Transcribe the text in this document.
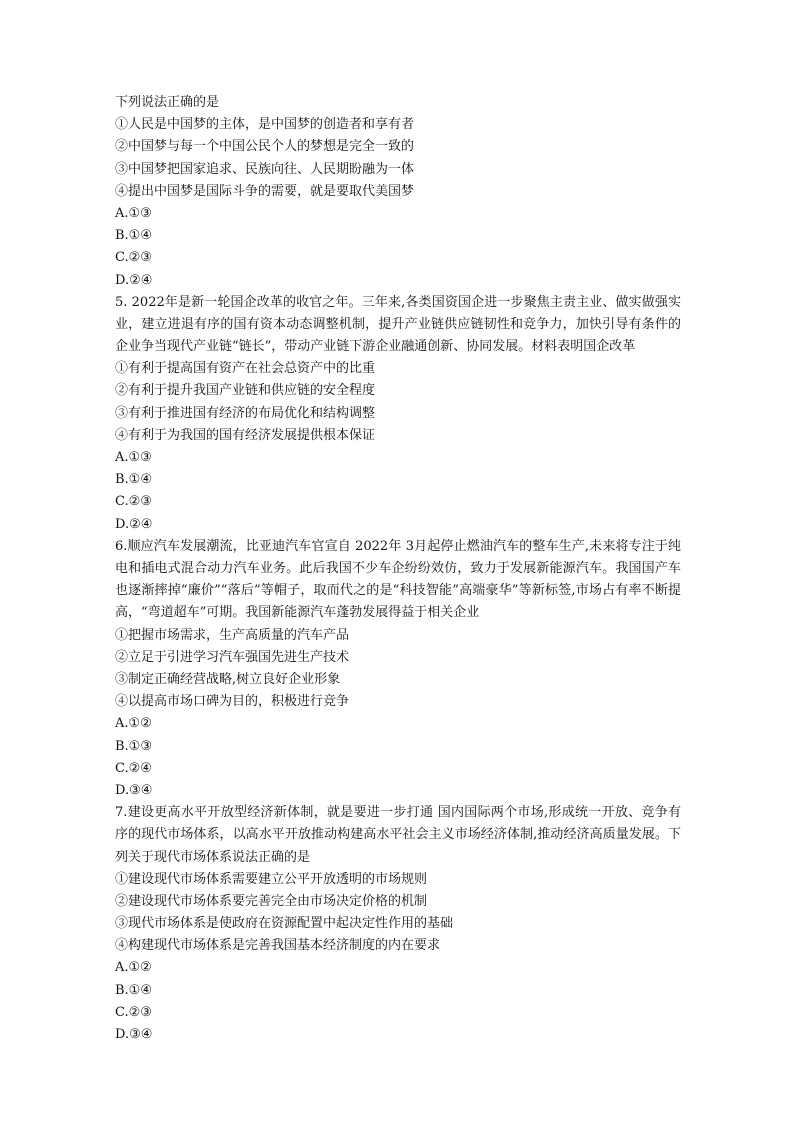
下列说法正确的是
①人民是中国梦的主体，是中国梦的创造者和享有者
②中国梦与每一个中国公民个人的梦想是完全一致的
③中国梦把国家追求、民族向往、人民期盼融为一体
④提出中国梦是国际斗争的需要，就是要取代美国梦
A.①③
B.①④
C.②③
D.②④
5. 2022年是新一轮国企改革的收官之年。三年来,各类国资国企进一步聚焦主责主业、做实做强实业，建立进退有序的国有资本动态调整机制，提升产业链供应链韧性和竞争力，加快引导有条件的企业争当现代产业链“链长”，带动产业链下游企业融通创新、协同发展。材料表明国企改革
①有利于提高国有资产在社会总资产中的比重
②有利于提升我国产业链和供应链的安全程度
③有利于推进国有经济的布局优化和结构调整
④有利于为我国的国有经济发展提供根本保证
A.①③
B.①④
C.②③
D.②④
6.顺应汽车发展潮流，比亚迪汽车官宣自 2022年 3月起停止燃油汽车的整车生产,未来将专注于纯电和插电式混合动力汽车业务。此后我国不少车企纷纷效仿，致力于发展新能源汽车。我国国产车也逐渐摔掉“廉价”“落后”等帽子，取而代之的是“科技智能”高端豪华”等新标签,市场占有率不断提高，“弯道超车”可期。我国新能源汽车蓬勃发展得益于相关企业
①把握市场需求，生产高质量的汽车产品
②立足于引进学习汽车强国先进生产技术
③制定正确经营战略,树立良好企业形象
④以提高市场口碑为目的，积极进行竞争
A.①②
B.①③
C.②④
D.③④
7.建设更高水平开放型经济新体制，就是要进一步打通 国内国际两个市场,形成统一开放、竞争有序的现代市场体系，以高水平开放推动构建高水平社会主义市场经济体制,推动经济高质量发展。下列关于现代市场体系说法正确的是
①建设现代市场体系需要建立公平开放透明的市场规则
②建设现代市场体系要完善完全由市场决定价格的机制
③现代市场体系是使政府在资源配置中起决定性作用的基础
④构建现代市场体系是完善我国基本经济制度的内在要求
A.①②
B.①④
C.②③
D.③④
